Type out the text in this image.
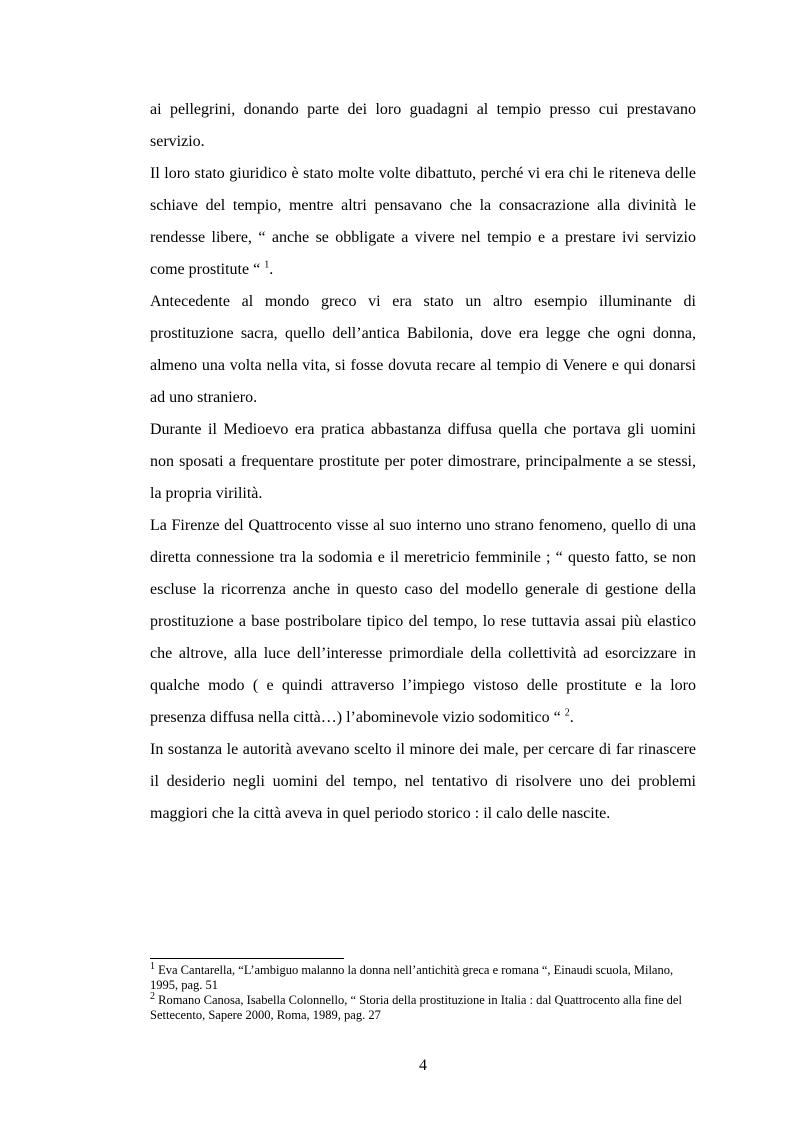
ai pellegrini, donando parte dei loro guadagni al tempio presso cui prestavano servizio.

Il loro stato giuridico è stato molte volte dibattuto, perché vi era chi le riteneva delle schiave del tempio, mentre altri pensavano che la consacrazione alla divinità le rendesse libere, “ anche se obbligate a vivere nel tempio e a prestare ivi servizio come prostitute “ $^1$.

Antecedente al mondo greco vi era stato un altro esempio illuminante di prostituzione sacra, quello dell’antica Babilonia, dove era legge che ogni donna, almeno una volta nella vita, si fosse dovuta recare al tempio di Venere e qui donarsi ad uno straniero.

Durante il Medioevo era pratica abbastanza diffusa quella che portava gli uomini non sposati a frequentare prostitute per poter dimostrare, principalmente a se stessi, la propria virilità.

La Firenze del Quattrocento visse al suo interno uno strano fenomeno, quello di una diretta connessione tra la sodomia e il meretricio femminile ; “ questo fatto, se non escluse la ricorrenza anche in questo caso del modello generale di gestione della prostituzione a base postribolare tipico del tempo, lo rese tuttavia assai più elastico che altrove, alla luce dell’interesse primordiale della collettività ad esorcizzare in qualche modo ( e quindi attraverso l’impiego vistoso delle prostitute e la loro presenza diffusa nella città…) l’abominevole vizio sodomitico “ $^2$.

In sostanza le autorità avevano scelto il minore dei male, per cercare di far rinascere il desiderio negli uomini del tempo, nel tentativo di risolvere uno dei problemi maggiori che la città aveva in quel periodo storico : il calo delle nascite.

$^1$ Eva Cantarella, “L’ambiguo malanno la donna nell’antichità greca e romana “, Einaudi scuola, Milano, 1995, pag. 51

$^2$ Romano Canosa, Isabella Colonnello, “ Storia della prostituzione in Italia : dal Quattrocento alla fine del Settecento, Sapere 2000, Roma, 1989, pag. 27

4
